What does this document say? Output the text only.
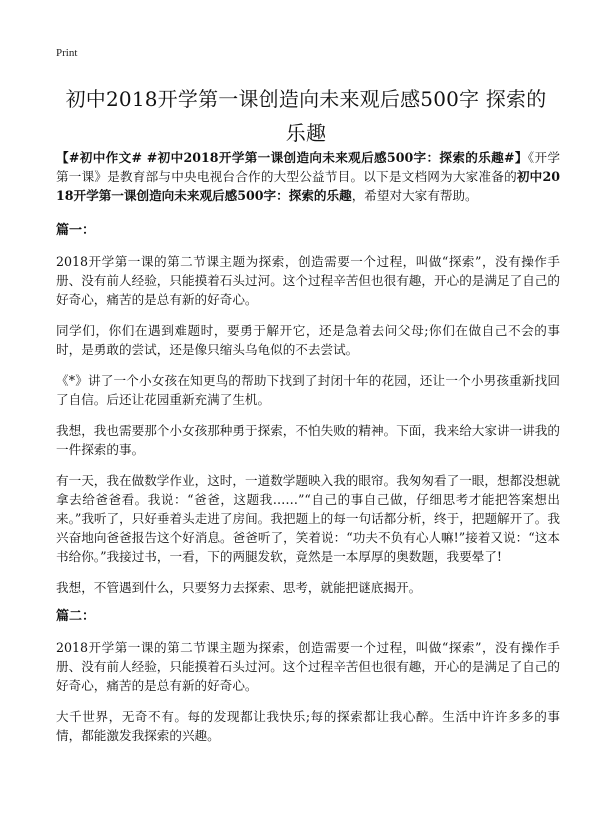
Print
初中2018开学第一课创造向未来观后感500字 探索的乐趣

【#初中作文# #初中2018开学第一课创造向未来观后感500字：探索的乐趣#】《开学第一课》是教育部与中央电视台合作的大型公益节目。以下是文档网为大家准备的初中2018开学第一课创造向未来观后感500字：探索的乐趣，希望对大家有帮助。

篇一：

2018开学第一课的第二节课主题为探索，创造需要一个过程，叫做“探索”，没有操作手册、没有前人经验，只能摸着石头过河。这个过程辛苦但也很有趣，开心的是满足了自己的好奇心，痛苦的是总有新的好奇心。

同学们，你们在遇到难题时，要勇于解开它，还是急着去问父母;你们在做自己不会的事时，是勇敢的尝试，还是像只缩头乌龟似的不去尝试。

《*》讲了一个小女孩在知更鸟的帮助下找到了封闭十年的花园，还让一个小男孩重新找回了自信。后还让花园重新充满了生机。

我想，我也需要那个小女孩那种勇于探索，不怕失败的精神。下面，我来给大家讲一讲我的一件探索的事。

有一天，我在做数学作业，这时，一道数学题映入我的眼帘。我匆匆看了一眼，想都没想就拿去给爸爸看。我说：“爸爸，这题我……”“自己的事自己做，仔细思考才能把答案想出来。”我听了，只好垂着头走进了房间。我把题上的每一句话都分析，终于，把题解开了。我兴奋地向爸爸报告这个好消息。爸爸听了，笑着说：“功夫不负有心人嘛!”接着又说：“这本书给你。”我接过书，一看，下的两腿发软，竟然是一本厚厚的奥数题，我要晕了!

我想，不管遇到什么，只要努力去探索、思考，就能把谜底揭开。

篇二：

2018开学第一课的第二节课主题为探索，创造需要一个过程，叫做“探索”，没有操作手册、没有前人经验，只能摸着石头过河。这个过程辛苦但也很有趣，开心的是满足了自己的好奇心，痛苦的是总有新的好奇心。

大千世界，无奇不有。每的发现都让我快乐;每的探索都让我心醉。生活中许许多多的事情，都能激发我探索的兴趣。
